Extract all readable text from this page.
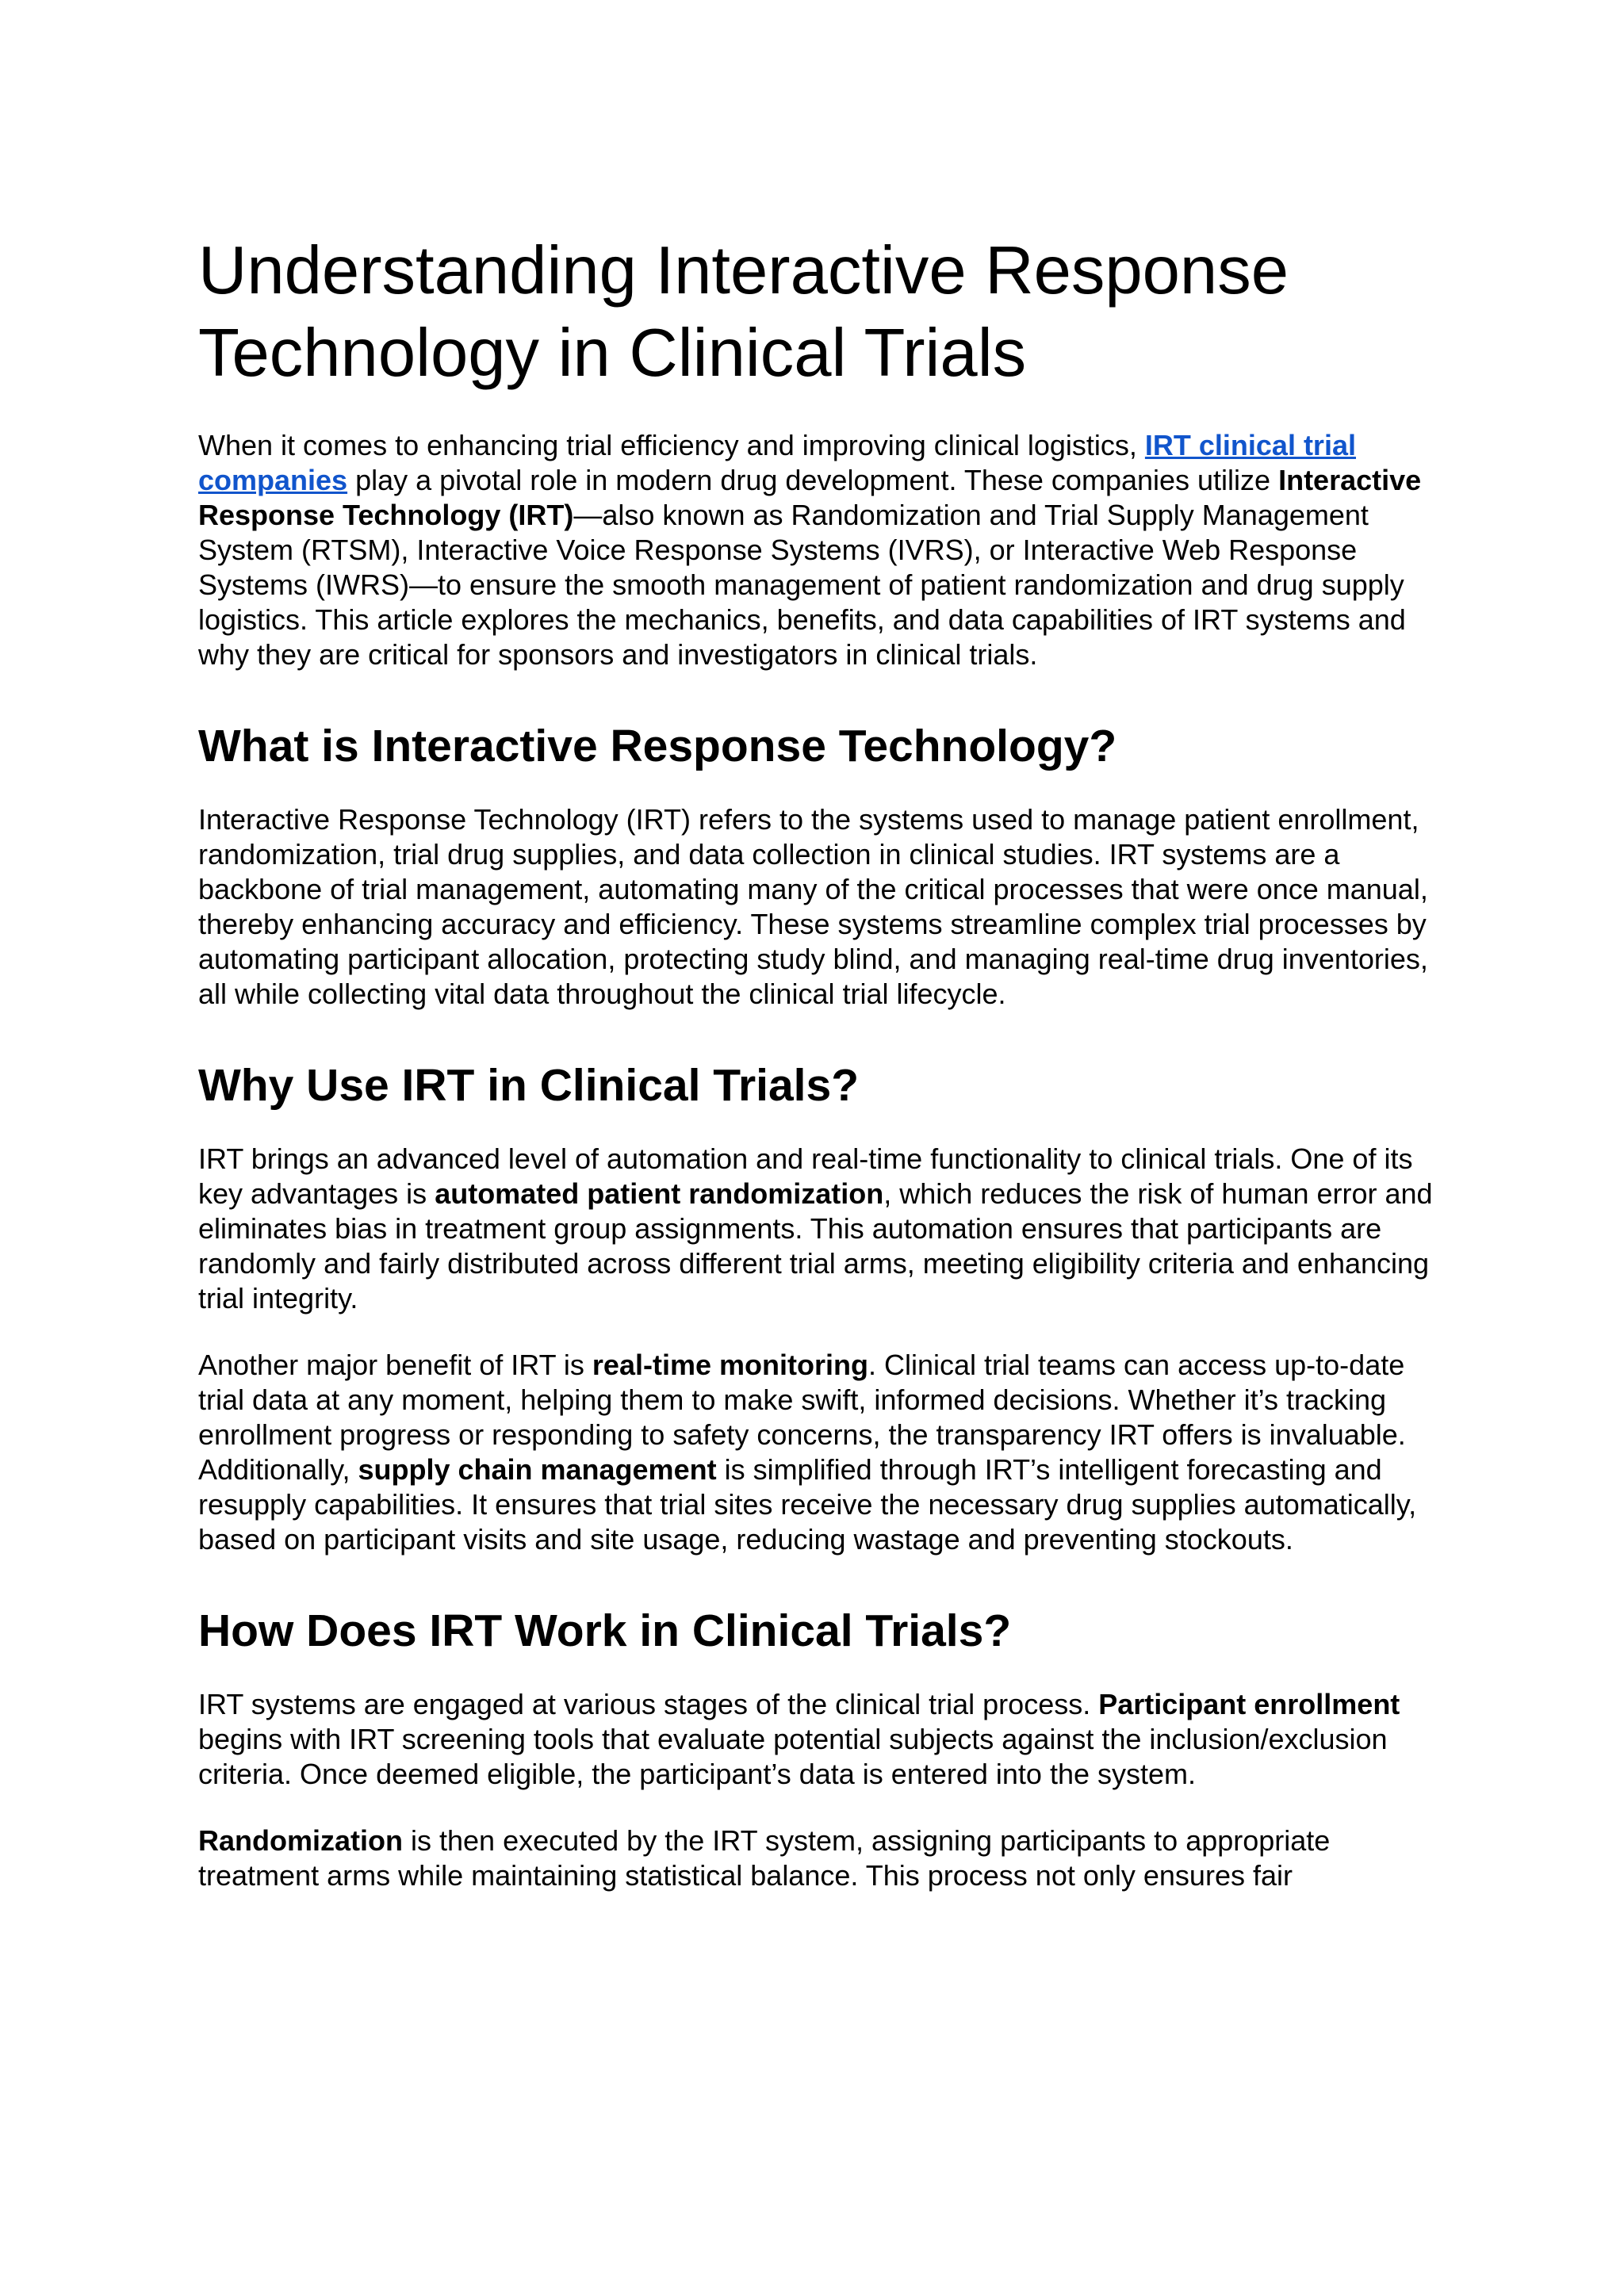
Understanding Interactive Response Technology in Clinical Trials

When it comes to enhancing trial efficiency and improving clinical logistics, IRT clinical trial companies play a pivotal role in modern drug development. These companies utilize Interactive Response Technology (IRT)—also known as Randomization and Trial Supply Management System (RTSM), Interactive Voice Response Systems (IVRS), or Interactive Web Response Systems (IWRS)—to ensure the smooth management of patient randomization and drug supply logistics. This article explores the mechanics, benefits, and data capabilities of IRT systems and why they are critical for sponsors and investigators in clinical trials.

What is Interactive Response Technology?

Interactive Response Technology (IRT) refers to the systems used to manage patient enrollment, randomization, trial drug supplies, and data collection in clinical studies. IRT systems are a backbone of trial management, automating many of the critical processes that were once manual, thereby enhancing accuracy and efficiency. These systems streamline complex trial processes by automating participant allocation, protecting study blind, and managing real-time drug inventories, all while collecting vital data throughout the clinical trial lifecycle.

Why Use IRT in Clinical Trials?

IRT brings an advanced level of automation and real-time functionality to clinical trials. One of its key advantages is automated patient randomization, which reduces the risk of human error and eliminates bias in treatment group assignments. This automation ensures that participants are randomly and fairly distributed across different trial arms, meeting eligibility criteria and enhancing trial integrity.

Another major benefit of IRT is real-time monitoring. Clinical trial teams can access up-to-date trial data at any moment, helping them to make swift, informed decisions. Whether it’s tracking enrollment progress or responding to safety concerns, the transparency IRT offers is invaluable. Additionally, supply chain management is simplified through IRT’s intelligent forecasting and resupply capabilities. It ensures that trial sites receive the necessary drug supplies automatically, based on participant visits and site usage, reducing wastage and preventing stockouts.

How Does IRT Work in Clinical Trials?

IRT systems are engaged at various stages of the clinical trial process. Participant enrollment begins with IRT screening tools that evaluate potential subjects against the inclusion/exclusion criteria. Once deemed eligible, the participant’s data is entered into the system.

Randomization is then executed by the IRT system, assigning participants to appropriate treatment arms while maintaining statistical balance. This process not only ensures fair
